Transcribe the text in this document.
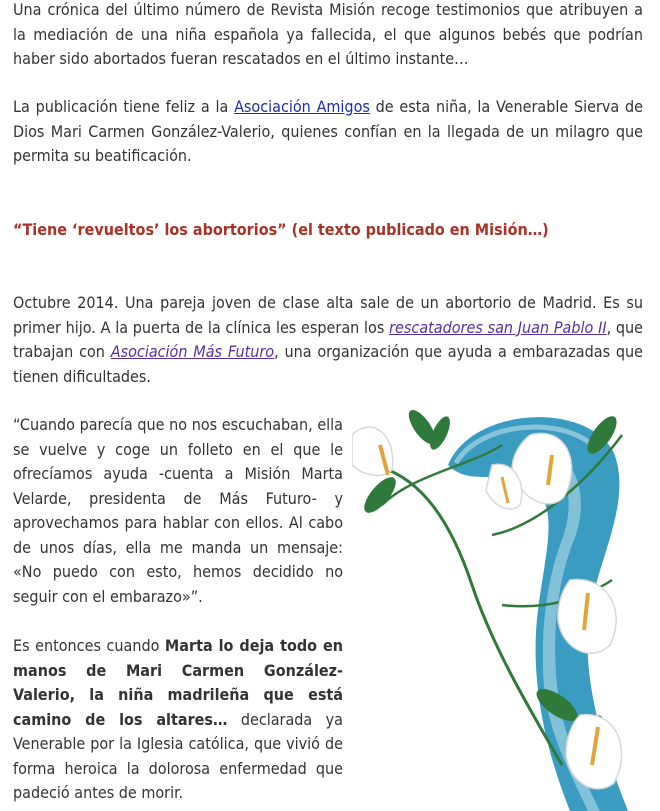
Una crónica del último número de Revista Misión recoge testimonios que atribuyen a la mediación de una niña española ya fallecida, el que algunos bebés que podrían haber sido abortados fueran rescatados en el último instante…

La publicación tiene feliz a la Asociación Amigos de esta niña, la Venerable Sierva de Dios Mari Carmen González-Valerio, quienes confían en la llegada de un milagro que permita su beatificación.

“Tiene ‘revueltos’ los abortorios” (el texto publicado en Misión…)

Octubre 2014. Una pareja joven de clase alta sale de un abortorio de Madrid. Es su primer hijo. A la puerta de la clínica les esperan los rescatadores san Juan Pablo II, que trabajan con Asociación Más Futuro, una organización que ayuda a embarazadas que tienen dificultades.

“Cuando parecía que no nos escuchaban, ella se vuelve y coge un folleto en el que le ofrecíamos ayuda -cuenta a Misión Marta Velarde, presidenta de Más Futuro- y aprovechamos para hablar con ellos. Al cabo de unos días, ella me manda un mensaje: «No puedo con esto, hemos decidido no seguir con el embarazo»”.

Es entonces cuando Marta lo deja todo en manos de Mari Carmen González-Valerio, la niña madrileña que está camino de los altares… declarada ya Venerable por la Iglesia católica, que vivió de forma heroica la dolorosa enfermedad que padeció antes de morir.
